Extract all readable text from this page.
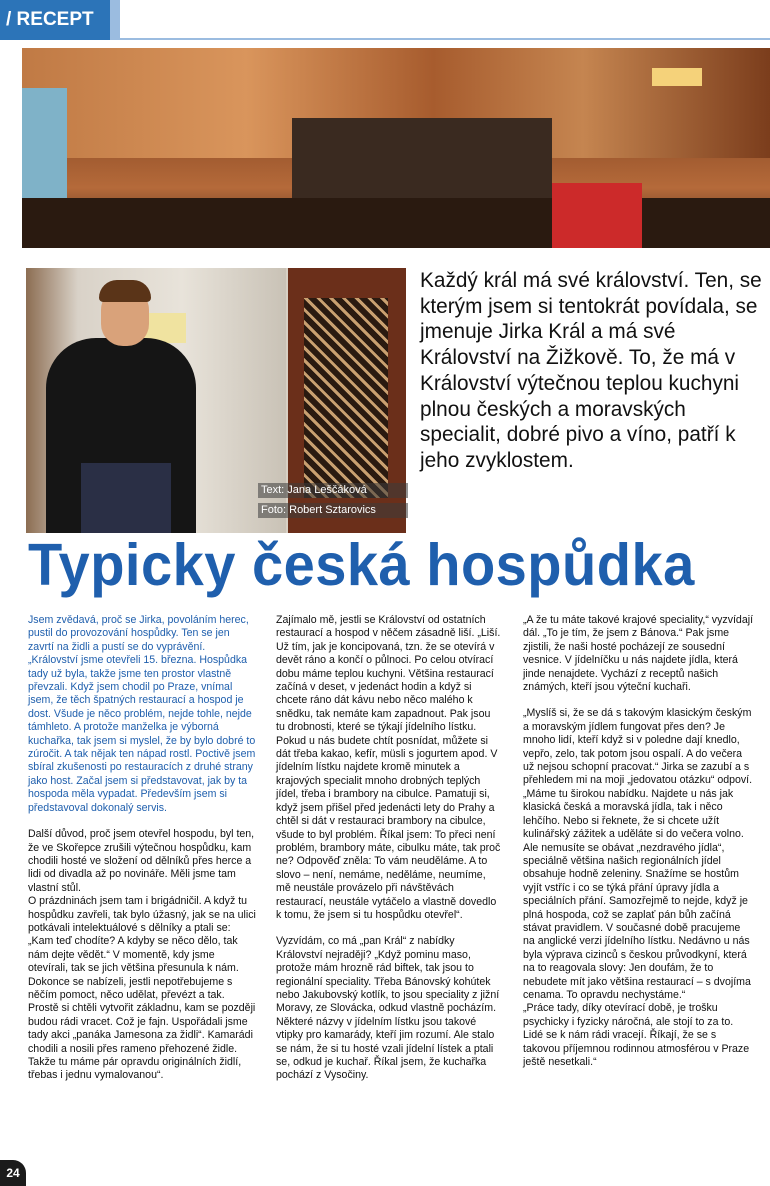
/ RECEPT
Text: Jana Leščáková
Foto: Robert Sztarovics
Každý král má své království. Ten, se kterým jsem si tentokrát povídala, se jmenuje Jirka Král a má své Království na Žižkově. To, že má v Království výtečnou teplou kuchyni plnou českých a moravských specialit, dobré pivo a víno, patří k jeho zvyklostem.
Typicky česká hospůdka

Jsem zvědavá, proč se Jirka, povoláním herec, pustil do provozování hospůdky. Ten se jen zavrtí na židli a pustí se do vyprávění. „Království jsme otevřeli 15. března. Hospůdka tady už byla, takže jsme ten prostor vlastně převzali. Když jsem chodil po Praze, vnímal jsem, že těch špatných restaurací a hospod je dost. Všude je něco problém, nejde tohle, nejde támhleto. A protože manželka je výborná kuchařka, tak jsem si myslel, že by bylo dobré to zúročit. A tak nějak ten nápad rostl. Poctivě jsem sbíral zkušenosti po restauracích z druhé strany jako host. Začal jsem si představovat, jak by ta hospoda měla vypadat. Především jsem si představoval dokonalý servis.

Další důvod, proč jsem otevřel hospodu, byl ten, že ve Skořepce zrušili výtečnou hospůdku, kam chodili hosté ve složení od dělníků přes herce a lidi od divadla až po novináře. Měli jsme tam vlastní stůl.

O prázdninách jsem tam i brigádničil. A když tu hospůdku zavřeli, tak bylo úžasný, jak se na ulici potkávali intelektuálové s dělníky a ptali se: „Kam teď chodíte? A kdyby se něco dělo, tak nám dejte vědět.“ V momentě, kdy jsme otevírali, tak se jich většina přesunula k nám. Dokonce se nabízeli, jestli nepotřebujeme s něčím pomoct, něco udělat, převézt a tak. Prostě si chtěli vytvořit základnu, kam se později budou rádi vracet. Což je fajn. Uspořádali jsme tady akci „panáka Jamesona za židli“. Kamarádi chodili a nosili přes rameno přehozené židle. Takže tu máme pár opravdu originálních židlí, třebas i jednu vymalovanou“.

Zajímalo mě, jestli se Království od ostatních restaurací a hospod v něčem zásadně liší. „Liší. Už tím, jak je koncipovaná, tzn. že se otevírá v devět ráno a končí o půlnoci. Po celou otvírací dobu máme teplou kuchyni. Většina restaurací začíná v deset, v jedenáct hodin a když si chcete ráno dát kávu nebo něco malého k snědku, tak nemáte kam zapadnout. Pak jsou tu drobnosti, které se týkají jídelního lístku. Pokud u nás budete chtít posnídat, můžete si dát třeba kakao, kefír, müsli s jogurtem apod. V jídelním lístku najdete kromě minutek a krajových specialit mnoho drobných teplých jídel, třeba i brambory na cibulce. Pamatuji si, když jsem přišel před jedenácti lety do Prahy a chtěl si dát v restauraci brambory na cibulce, všude to byl problém. Říkal jsem: To přeci není problém, brambory máte, cibulku máte, tak proč ne? Odpověď zněla: To vám neuděláme. A to slovo – není, nemáme, neděláme, neumíme, mě neustále provázelo při návštěvách restaurací, neustále vytáčelo a vlastně dovedlo k tomu, že jsem si tu hospůdku otevřel“.

Vyzvídám, co má „pan Král“ z nabídky Království nejraději? „Když pominu maso, protože mám hrozně rád biftek, tak jsou to regionální speciality. Třeba Bánovský kohútek nebo Jakubovský kotlík, to jsou speciality z jižní Moravy, ze Slovácka, odkud vlastně pocházím. Některé názvy v jídelním lístku jsou takové vtipky pro kamarády, kteří jim rozumí. Ale stalo se nám, že si tu hosté vzali jídelní lístek a ptali se, odkud je kuchař. Říkal jsem, že kuchařka pochází z Vysočiny.

„A že tu máte takové krajové speciality,“ vyzvídají dál. „To je tím, že jsem z Bánova.“ Pak jsme zjistili, že naši hosté pocházejí ze sousední vesnice. V jídelníčku u nás najdete jídla, která jinde nenajdete. Vychází z receptů našich známých, kteří jsou výteční kuchaři.

„Myslíš si, že se dá s takovým klasickým českým a moravským jídlem fungovat přes den? Je mnoho lidí, kteří když si v poledne dají knedlo, vepřo, zelo, tak potom jsou ospalí. A do večera už nejsou schopní pracovat.“ Jirka se zazubí a s přehledem mi na moji „jedovatou otázku“ odpoví. „Máme tu širokou nabídku. Najdete u nás jak klasická česká a moravská jídla, tak i něco lehčího. Nebo si řeknete, že si chcete užít kulinářský zážitek a uděláte si do večera volno. Ale nemusíte se obávat „nezdravého jídla“, speciálně většina našich regionálních jídel obsahuje hodně zeleniny. Snažíme se hostům vyjít vstříc i co se týká přání úpravy jídla a speciálních přání. Samozřejmě to nejde, když je plná hospoda, což se zaplať pán bůh začíná stávat pravidlem. V současné době pracujeme na anglické verzi jídelního lístku. Nedávno u nás byla výprava cizinců s českou průvodkyní, která na to reagovala slovy: Jen doufám, že to nebudete mít jako většina restaurací – s dvojíma cenama. To opravdu nechystáme.“

„Práce tady, díky otevírací době, je trošku psychicky i fyzicky náročná, ale stojí to za to. Lidé se k nám rádi vracejí. Říkají, že se s takovou příjemnou rodinnou atmosférou v Praze ještě nesetkali.“

24
